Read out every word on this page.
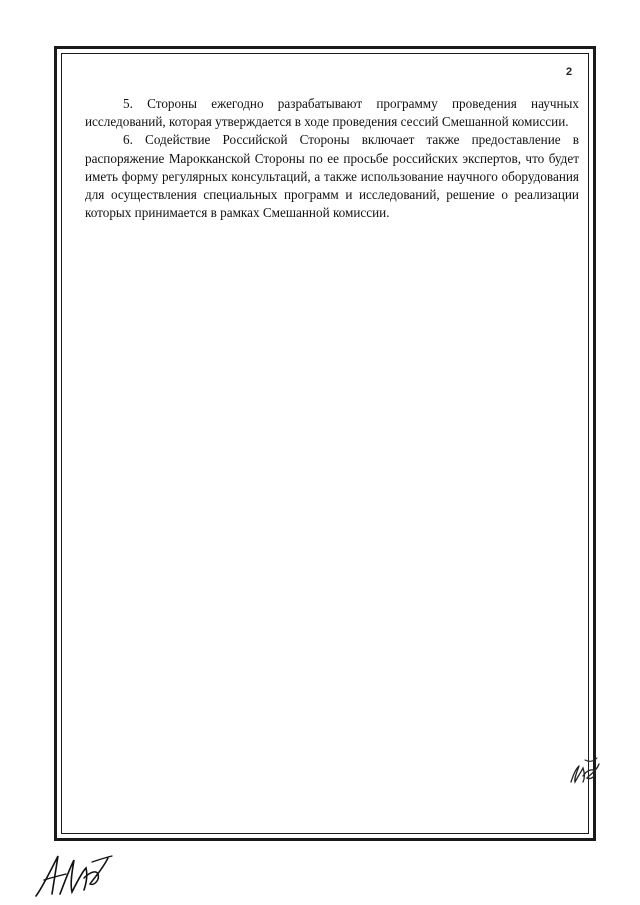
2

5. Стороны ежегодно разрабатывают программу проведения научных исследований, которая утверждается в ходе проведения сессий Смешанной комиссии.

6. Содействие Российской Стороны включает также предоставление в распоряжение Марокканской Стороны по ее просьбе российских экспертов, что будет иметь форму регулярных консультаций, а также использование научного оборудования для осуществления специальных программ и исследований, решение о реализации которых принимается в рамках Смешанной комиссии.
